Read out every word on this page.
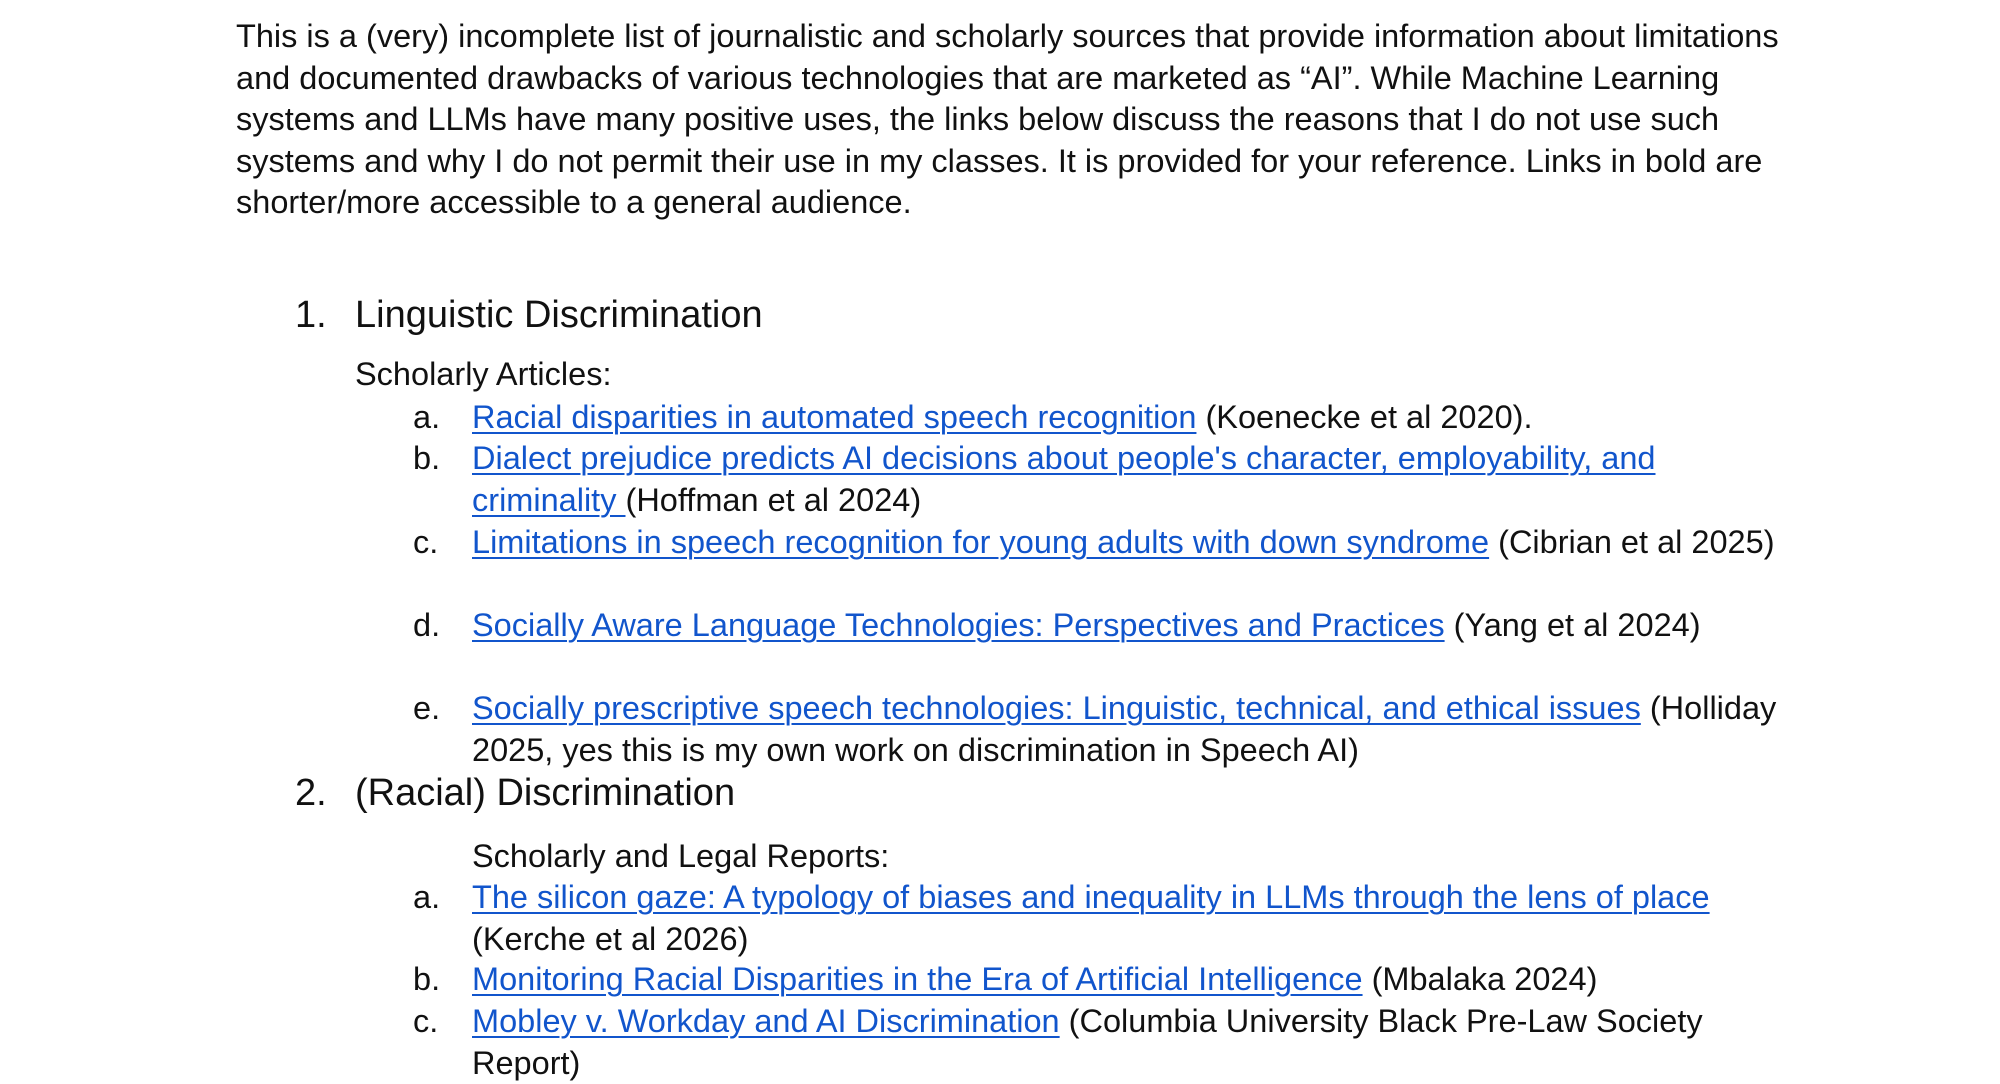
This is a (very) incomplete list of journalistic and scholarly sources that provide information about limitations and documented drawbacks of various technologies that are marketed as “AI”. While Machine Learning systems and LLMs have many positive uses, the links below discuss the reasons that I do not use such systems and why I do not permit their use in my classes. It is provided for your reference. Links in bold are shorter/more accessible to a general audience.

1. Linguistic Discrimination
Scholarly Articles:
a. Racial disparities in automated speech recognition (Koenecke et al 2020).
b. Dialect prejudice predicts AI decisions about people's character, employability, and criminality (Hoffman et al 2024)
c. Limitations in speech recognition for young adults with down syndrome (Cibrian et al 2025)
d. Socially Aware Language Technologies: Perspectives and Practices (Yang et al 2024)
e. Socially prescriptive speech technologies: Linguistic, technical, and ethical issues (Holliday 2025, yes this is my own work on discrimination in Speech AI)
2. (Racial) Discrimination
Scholarly and Legal Reports:
a. The silicon gaze: A typology of biases and inequality in LLMs through the lens of place (Kerche et al 2026)
b. Monitoring Racial Disparities in the Era of Artificial Intelligence (Mbalaka 2024)
c. Mobley v. Workday and AI Discrimination (Columbia University Black Pre-Law Society Report)
